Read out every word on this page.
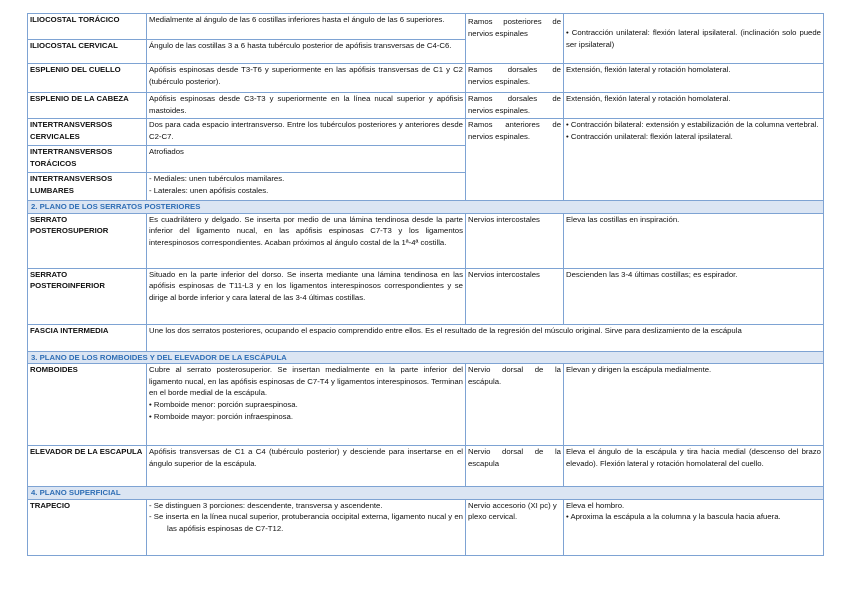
ILIOCOSTAL TORÁCICO	Medialmente al ángulo de las 6 costillas inferiores hasta el ángulo de las 6 superiores.	Ramos posteriores de nervios espinales	• Contracción unilateral: flexión lateral ipsilateral. (inclinación solo puede ser ipsilateral)
ILIOCOSTAL CERVICAL	Ángulo de las costillas 3 a 6 hasta tubérculo posterior de apófisis transversas de C4-C6.		
ESPLENIO DEL CUELLO	Apófisis espinosas desde T3-T6 y superiormente en las apófisis transversas de C1 y C2 (tubérculo posterior).	Ramos dorsales de nervios espinales.	Extensión, flexión lateral y rotación homolateral.
ESPLENIO DE LA CABEZA	Apófisis espinosas desde C3-T3 y superiormente en la línea nucal superior y apófisis mastoides.	Ramos dorsales de nervios espinales.	Extensión, flexión lateral y rotación homolateral.
INTERTRANSVERSOS CERVICALES	Dos para cada espacio intertransverso. Entre los tubérculos posteriores y anteriores desde C2-C7.	Ramos anteriores de nervios espinales.	• Contracción bilateral: extensión y estabilización de la columna vertebral.
• Contracción unilateral: flexión lateral ipsilateral.

INTERTRANSVERSOS TORÁCICOS	Atrofiados		
INTERTRANSVERSOS LUMBARES	- Mediales: unen tubérculos mamilares.
- Laterales: unen apófisis costales.		

2. PLANO DE LOS SERRATOS POSTERIORES			
SERRATO POSTEROSUPERIOR	Es cuadrilátero y delgado. Se inserta por medio de una lámina tendinosa desde la parte inferior del ligamento nucal, en las apófisis espinosas C7-T3 y los ligamentos interespinosos correspondientes. Acaban próximos al ángulo costal de la 1ª-4ª costilla.	Nervios intercostales	Eleva las costillas en inspiración.
SERRATO POSTEROINFERIOR	Situado en la parte inferior del dorso. Se inserta mediante una lámina tendinosa en las apófisis espinosas de T11-L3 y en los ligamentos interespinosos correspondientes y se dirige al borde inferior y cara lateral de las 3-4 últimas costillas.	Nervios intercostales	Descienden las 3-4 últimas costillas; es espirador.
FASCIA INTERMEDIA	Une los dos serratos posteriores, ocupando el espacio comprendido entre ellos. Es el resultado de la regresión del músculo original. Sirve para deslizamiento de la escápula		
3. PLANO DE LOS ROMBOIDES Y DEL ELEVADOR DE LA ESCÁPULA			
ROMBOIDES	Cubre al serrato posterosuperior. Se insertan medialmente en la parte inferior del ligamento nucal, en las apófisis espinosas de C7-T4 y ligamentos interespinosos. Terminan en el borde medial de la escápula.
• Romboide menor: porción supraespinosa.
• Romboide mayor: porción infraespinosa.	Nervio dorsal de la escápula.	Elevan y dirigen la escápula medialmente.
ELEVADOR DE LA ESCAPULA	Apófisis transversas de C1 a C4 (tubérculo posterior) y desciende para insertarse en el ángulo superior de la escápula.	Nervio dorsal de la escapula	Eleva el ángulo de la escápula y tira hacia medial (descenso del brazo elevado). Flexión lateral y rotación homolateral del cuello.
4. PLANO SUPERFICIAL			
TRAPECIO	- Se distinguen 3 porciones: descendente, transversa y ascendente.
- Se inserta en la línea nucal superior, protuberancia occipital externa, ligamento nucal y en las apófisis espinosas de C7-T12.	Nervio accesorio (XI pc) y plexo cervical.	Eleva el hombro.
• Aproxima la escápula a la columna y la bascula hacia afuera.
